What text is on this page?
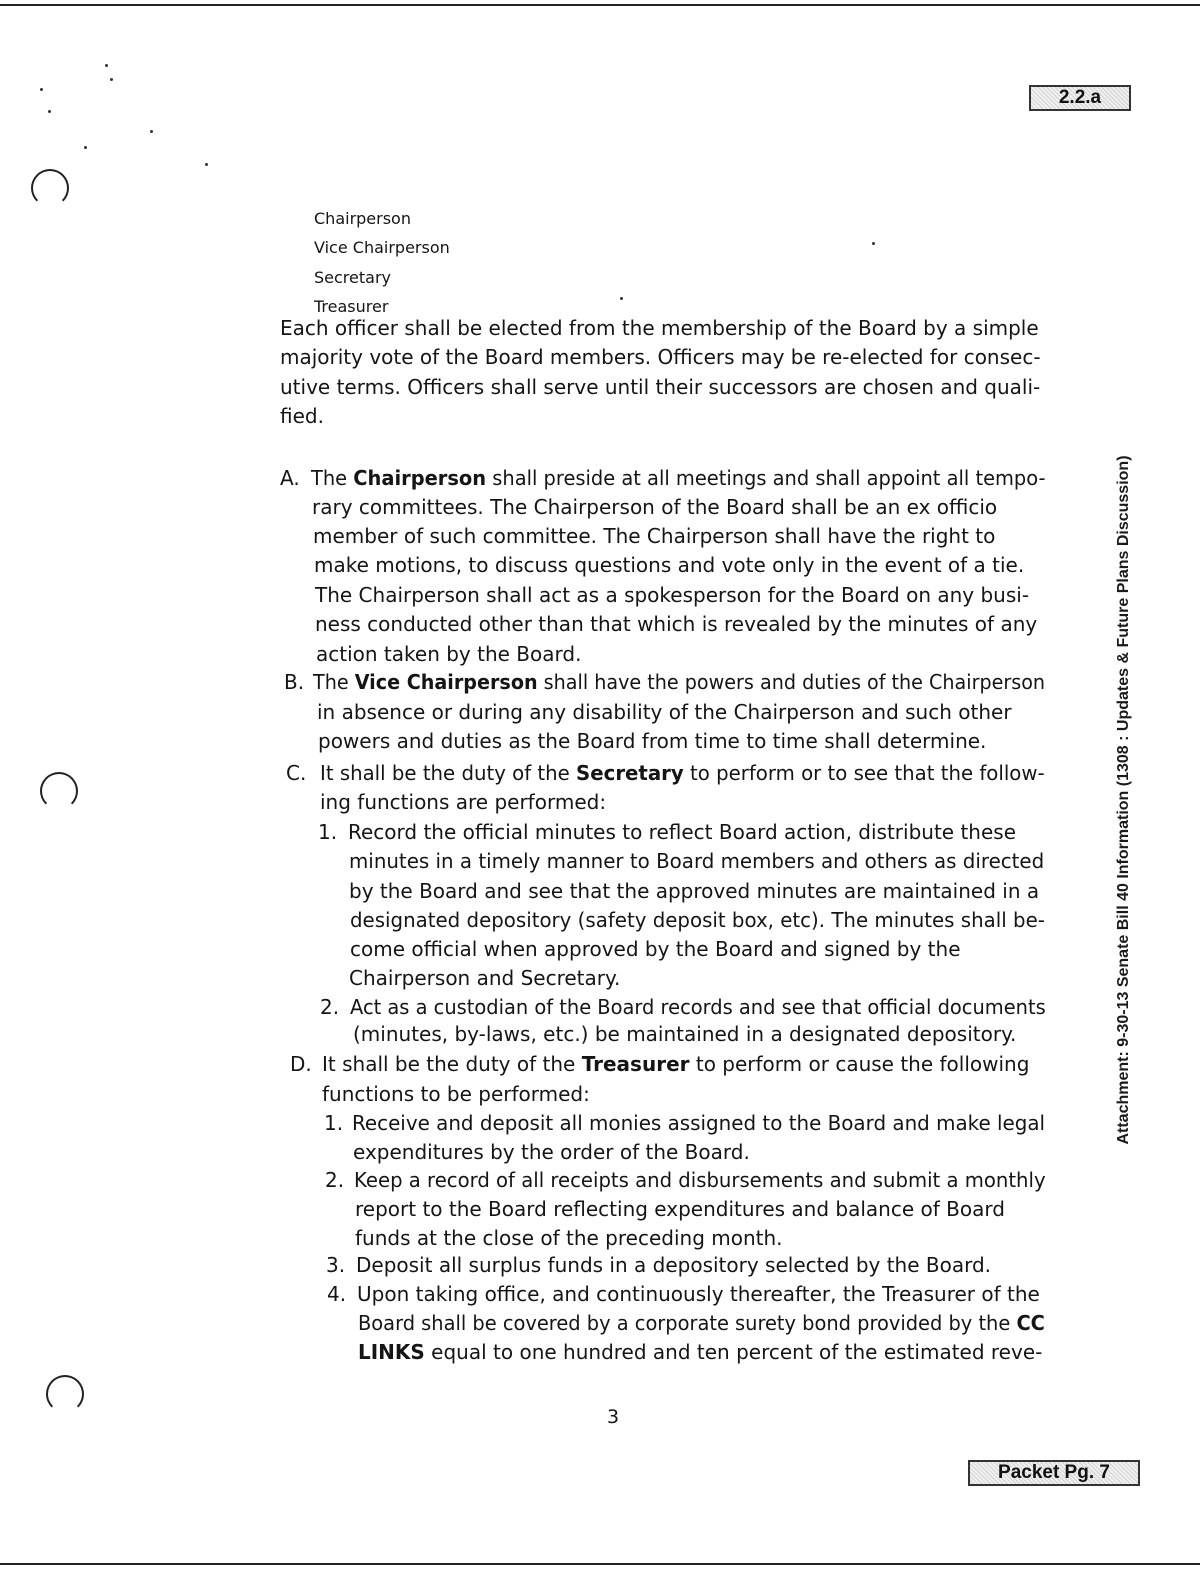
2.2.a
Packet Pg. 7
Attachment: 9-30-13 Senate Bill 40 Information (1308 : Updates & Future Plans Discussion)
Chairperson
Vice Chairperson
Secretary
Treasurer

Each officer shall be elected from the membership of the Board by a simple

majority vote of the Board members. Officers may be re-elected for consec-

utive terms. Officers shall serve until their successors are chosen and quali-

fied.

A. The Chairperson shall preside at all meetings and shall appoint all tempo-

rary committees. The Chairperson of the Board shall be an ex officio

member of such committee. The Chairperson shall have the right to

make motions, to discuss questions and vote only in the event of a tie.

The Chairperson shall act as a spokesperson for the Board on any busi-

ness conducted other than that which is revealed by the minutes of any

action taken by the Board.

B. The Vice Chairperson shall have the powers and duties of the Chairperson

in absence or during any disability of the Chairperson and such other

powers and duties as the Board from time to time shall determine.

C. It shall be the duty of the Secretary to perform or to see that the follow-

ing functions are performed:

1. Record the official minutes to reflect Board action, distribute these

minutes in a timely manner to Board members and others as directed

by the Board and see that the approved minutes are maintained in a

designated depository (safety deposit box, etc). The minutes shall be-

come official when approved by the Board and signed by the

Chairperson and Secretary.

2. Act as a custodian of the Board records and see that official documents

(minutes, by-laws, etc.) be maintained in a designated depository.

D. It shall be the duty of the Treasurer to perform or cause the following

functions to be performed:

1. Receive and deposit all monies assigned to the Board and make legal

expenditures by the order of the Board.

2. Keep a record of all receipts and disbursements and submit a monthly

report to the Board reflecting expenditures and balance of Board

funds at the close of the preceding month.

3. Deposit all surplus funds in a depository selected by the Board.

4. Upon taking office, and continuously thereafter, the Treasurer of the

Board shall be covered by a corporate surety bond provided by the CC

LINKS equal to one hundred and ten percent of the estimated reve-

3
